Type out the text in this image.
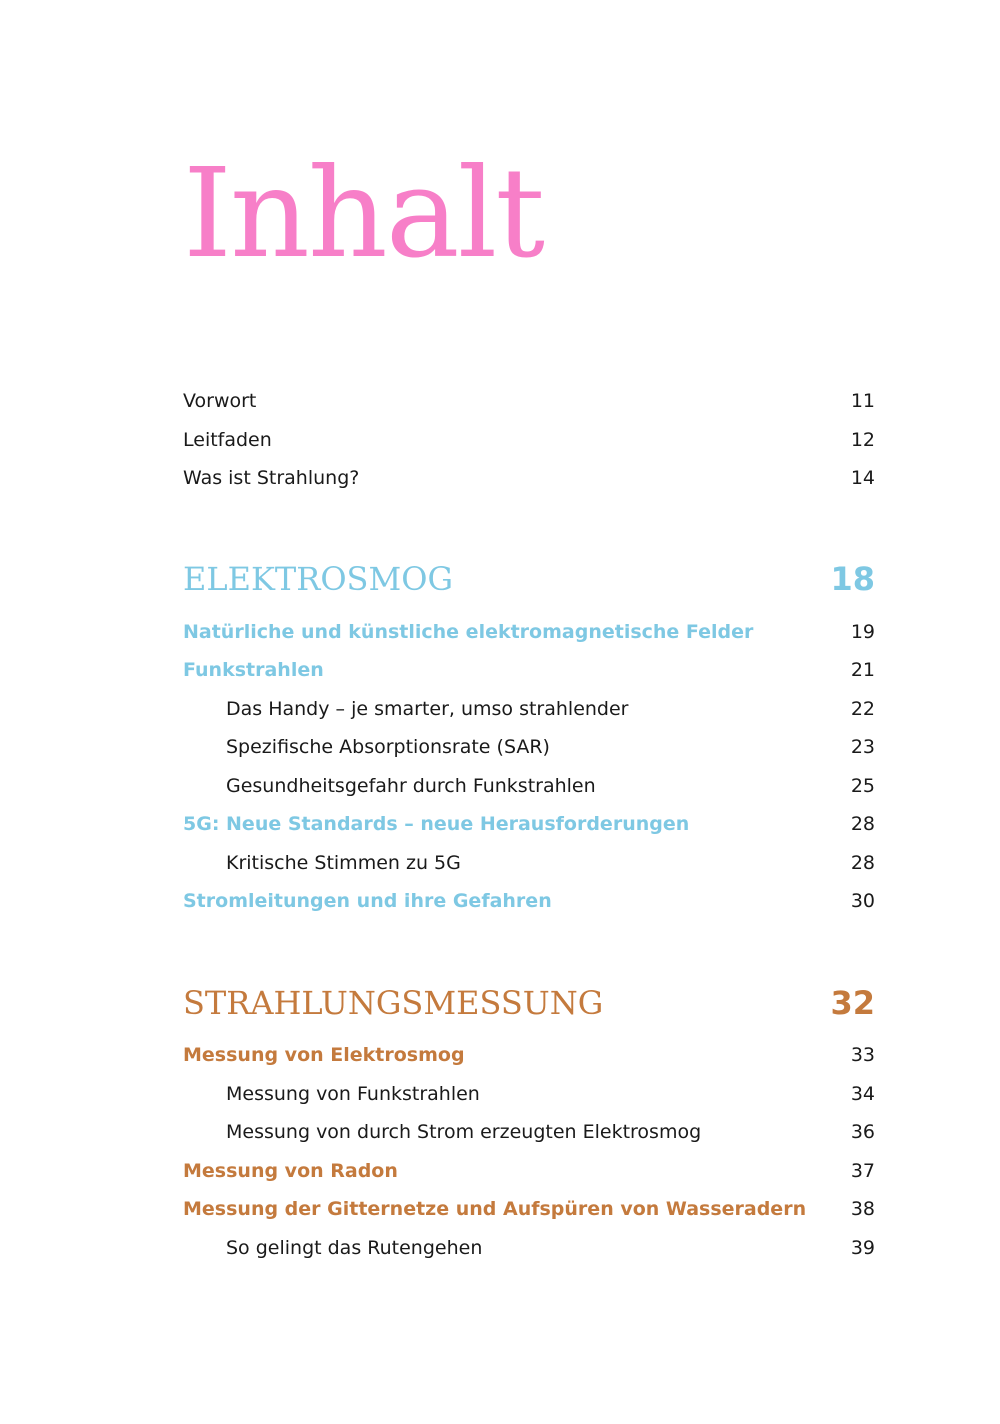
Inhalt
Vorwort	11
Leitfaden	12
Was ist Strahlung?	14
ELEKTROSMOG	18
Natürliche und künstliche elektromagnetische Felder	19
Funkstrahlen	21
Das Handy – je smarter, umso strahlender	22
Spezifische Absorptionsrate (SAR)	23
Gesundheitsgefahr durch Funkstrahlen	25
5G: Neue Standards – neue Herausforderungen	28
Kritische Stimmen zu 5G	28
Stromleitungen und ihre Gefahren	30
STRAHLUNGSMESSUNG	32
Messung von Elektrosmog	33
Messung von Funkstrahlen	34
Messung von durch Strom erzeugten Elektrosmog	36
Messung von Radon	37
Messung der Gitternetze und Aufspüren von Wasseradern 38
So gelingt das Rutengehen	39
